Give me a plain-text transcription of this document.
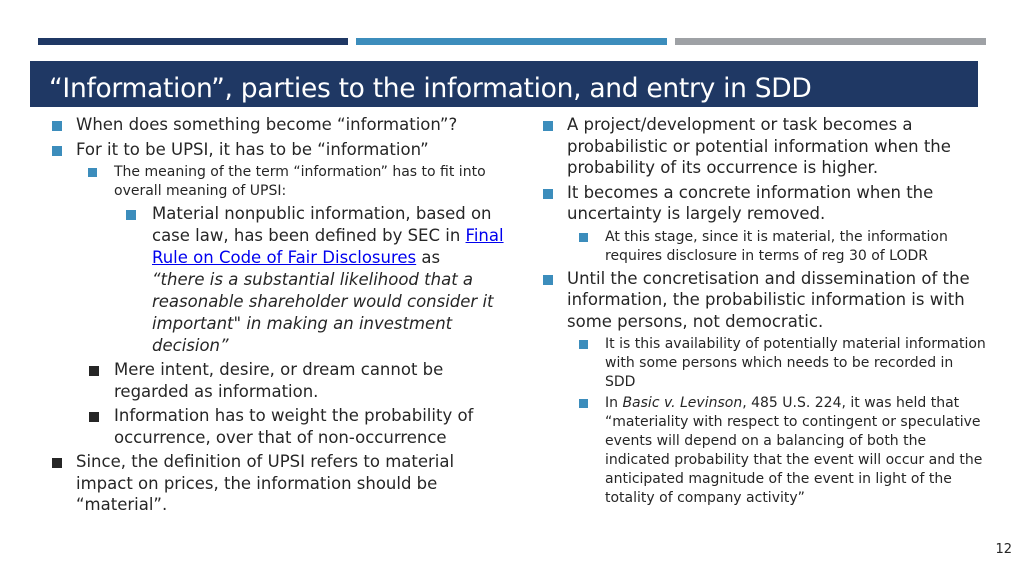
“Information”, parties to the information, and entry in SDD
When does something become “information”?
For it to be UPSI, it has to be “information”
The meaning of the term “information” has to fit into overall meaning of UPSI:
Material nonpublic information, based on case law, has been defined by SEC in Final Rule on Code of Fair Disclosures as
“there is a substantial likelihood that a reasonable shareholder would consider it important" in making an investment decision”
Mere intent, desire, or dream cannot be regarded as information.
Information has to weight the probability of occurrence, over that of non-occurrence
Since, the definition of UPSI refers to material impact on prices, the information should be “material”.
A project/development or task becomes a probabilistic or potential information when the probability of its occurrence is higher.
It becomes a concrete information when the uncertainty is largely removed.
At this stage, since it is material, the information requires disclosure in terms of reg 30 of LODR
Until the concretisation and dissemination of the information, the probabilistic information is with some persons, not democratic.
It is this availability of potentially material information with some persons which needs to be recorded in SDD
In Basic v. Levinson, 485 U.S. 224, it was held that “materiality with respect to contingent or speculative events will depend on a balancing of both the indicated probability that the event will occur and the anticipated magnitude of the event in light of the totality of company activity”
12
